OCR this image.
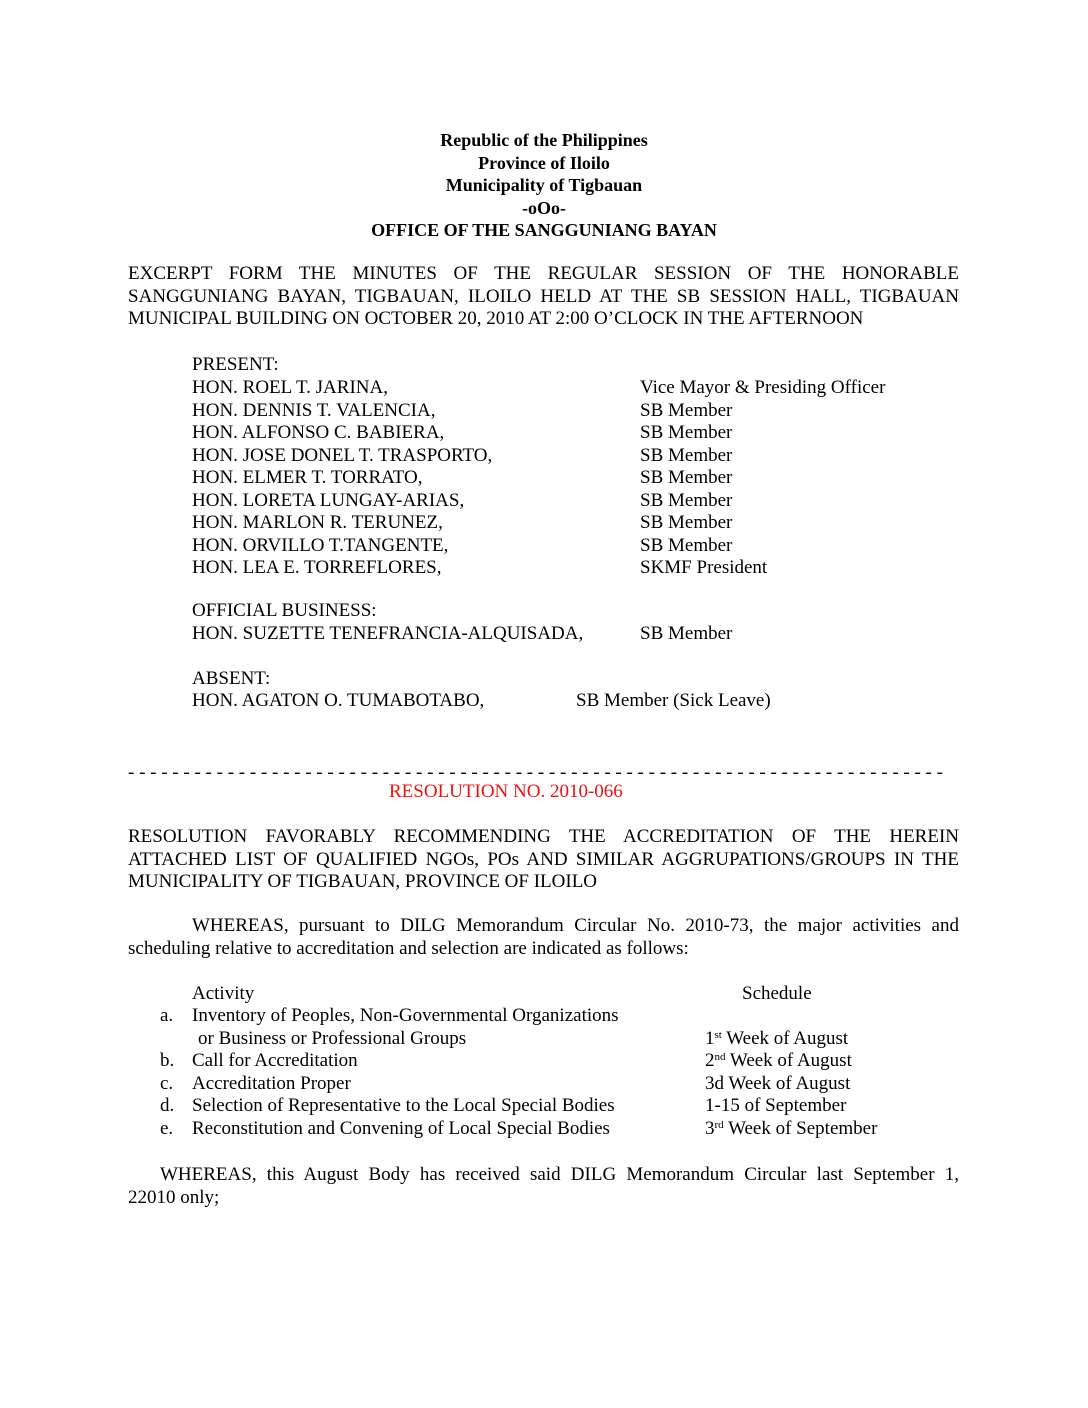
Republic of the Philippines
Province of Iloilo
Municipality of Tigbauan
-oOo-
OFFICE OF THE SANGGUNIANG BAYAN
EXCERPT FORM THE MINUTES OF THE REGULAR SESSION OF THE HONORABLE
SANGGUNIANG BAYAN, TIGBAUAN, ILOILO HELD AT THE SB SESSION HALL, TIGBAUAN
MUNICIPAL BUILDING ON OCTOBER 20, 2010 AT 2:00 O’CLOCK IN THE AFTERNOON
PRESENT:
HON. ROEL T. JARINA,	Vice Mayor & Presiding Officer
HON. DENNIS T. VALENCIA,	SB Member
HON. ALFONSO C. BABIERA,	SB Member
HON. JOSE DONEL T. TRASPORTO,	SB Member
HON. ELMER T. TORRATO,	SB Member
HON. LORETA LUNGAY-ARIAS,	SB Member
HON. MARLON R. TERUNEZ,	SB Member
HON. ORVILLO T.TANGENTE,	SB Member
HON. LEA E. TORREFLORES,	SKMF President
OFFICIAL BUSINESS:
HON. SUZETTE TENEFRANCIA-ALQUISADA,	SB Member
ABSENT:
HON. AGATON O. TUMABOTABO,	SB Member (Sick Leave)
- - - - - - - - - - - - - - - - - - - - - - - - - - - - - - - - - - - - - - - - - - - - - - - - - - - - - - - - - - - - - - - - - - - - - - - - - -
RESOLUTION NO. 2010-066
RESOLUTION FAVORABLY RECOMMENDING THE ACCREDITATION OF THE HEREIN
ATTACHED LIST OF QUALIFIED NGOs, POs AND SIMILAR AGGRUPATIONS/GROUPS IN THE
MUNICIPALITY OF TIGBAUAN, PROVINCE OF ILOILO
WHEREAS, pursuant to DILG Memorandum Circular No. 2010-73, the major activities and
scheduling relative to accreditation and selection are indicated as follows:
Activity	Schedule
a. Inventory of Peoples, Non-Governmental Organizations
or Business or Professional Groups	1st Week of August
b. Call for Accreditation	2nd Week of August
c. Accreditation Proper	3d Week of August
d. Selection of Representative to the Local Special Bodies	1-15 of September
e. Reconstitution and Convening of Local Special Bodies	3rd Week of September
WHEREAS, this August Body has received said DILG Memorandum Circular last September 1,
22010 only;
